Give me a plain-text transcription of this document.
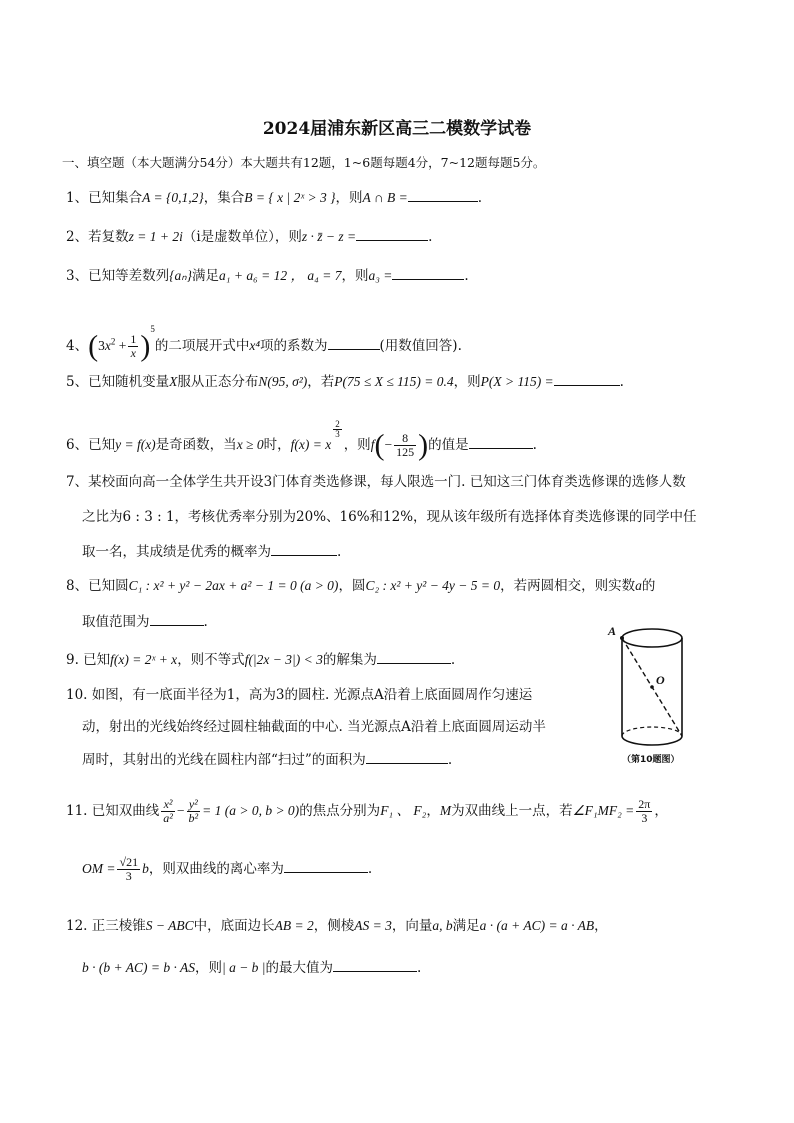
2024届浦东新区高三二模数学试卷
一、填空题（本大题满分54分）本大题共有12题，1~6题每题4分，7~12题每题5分。
1、已知集合A = {0,1,2}，集合B = { x | 2ˣ > 3 }，则A ∩ B =	.
2、若复数z = 1 + 2i（i是虚数单位），则z · z̄ − z =	.
3、已知等差数列{aₙ}满足a₁ + a₆ = 12 ， a₄ = 7，则a₃ =	.
4、$(3x^2 + \frac{1}{x} )^5$的二项展开式中x⁴项的系数为	(用数值回答).
5、已知随机变量X服从正态分布N(95, σ²)，若P(75 ≤ X ≤ 115) = 0.4，则P(X > 115) =	.
6、已知y = f(x)是奇函数，当x ≥ 0时，f(x) = x
$\frac{2}{3}$
，则$f(- \frac{8}{125}$ )的值是	.
7、某校面向高一全体学生共开设3门体育类选修课，每人限选一门. 已知这三门体育类选修课的选修人数
之比为6 : 3 : 1，考核优秀率分别为20%、16%和12%，现从该年级所有选择体育类选修课的同学中任
取一名，其成绩是优秀的概率为	.
8、已知圆C₁ : x² + y² − 2ax + a² − 1 = 0 (a > 0)，圆C₂ : x² + y² − 4y − 5 = 0，若两圆相交，则实数a的
取值范围为	.
9. 已知f(x) = 2ˣ + x，则不等式f(|2x − 3|) < 3的解集为	.
10. 如图，有一底面半径为1，高为3的圆柱. 光源点A沿着上底面圆周作匀速运
动，射出的光线始终经过圆柱轴截面的中心. 当光源点A沿着上底面圆周运动半
周时，其射出的光线在圆柱内部“扫过”的面积为	.
A
O
（第10题图）
11. 已知双曲线 $\frac{\text{x²}}{\text{a²}} - \frac{\text{y²}}{\text{b²}} = 1$ (a > 0, b > 0)的焦点分别为F₁ 、 F₂，M为双曲线上一点，若∠F₁MF₂ = $\frac{2\pi}{3}$ ，
OM = $\frac{√21}{3}$ b，则双曲线的离心率为	.
12. 正三棱锥S − ABC中，底面边长AB = 2，侧棱AS = 3，向量a, b满足a · (a + AC) = a · AB，
b · (b + AC) = b · AS，则| a − b |的最大值为	.
